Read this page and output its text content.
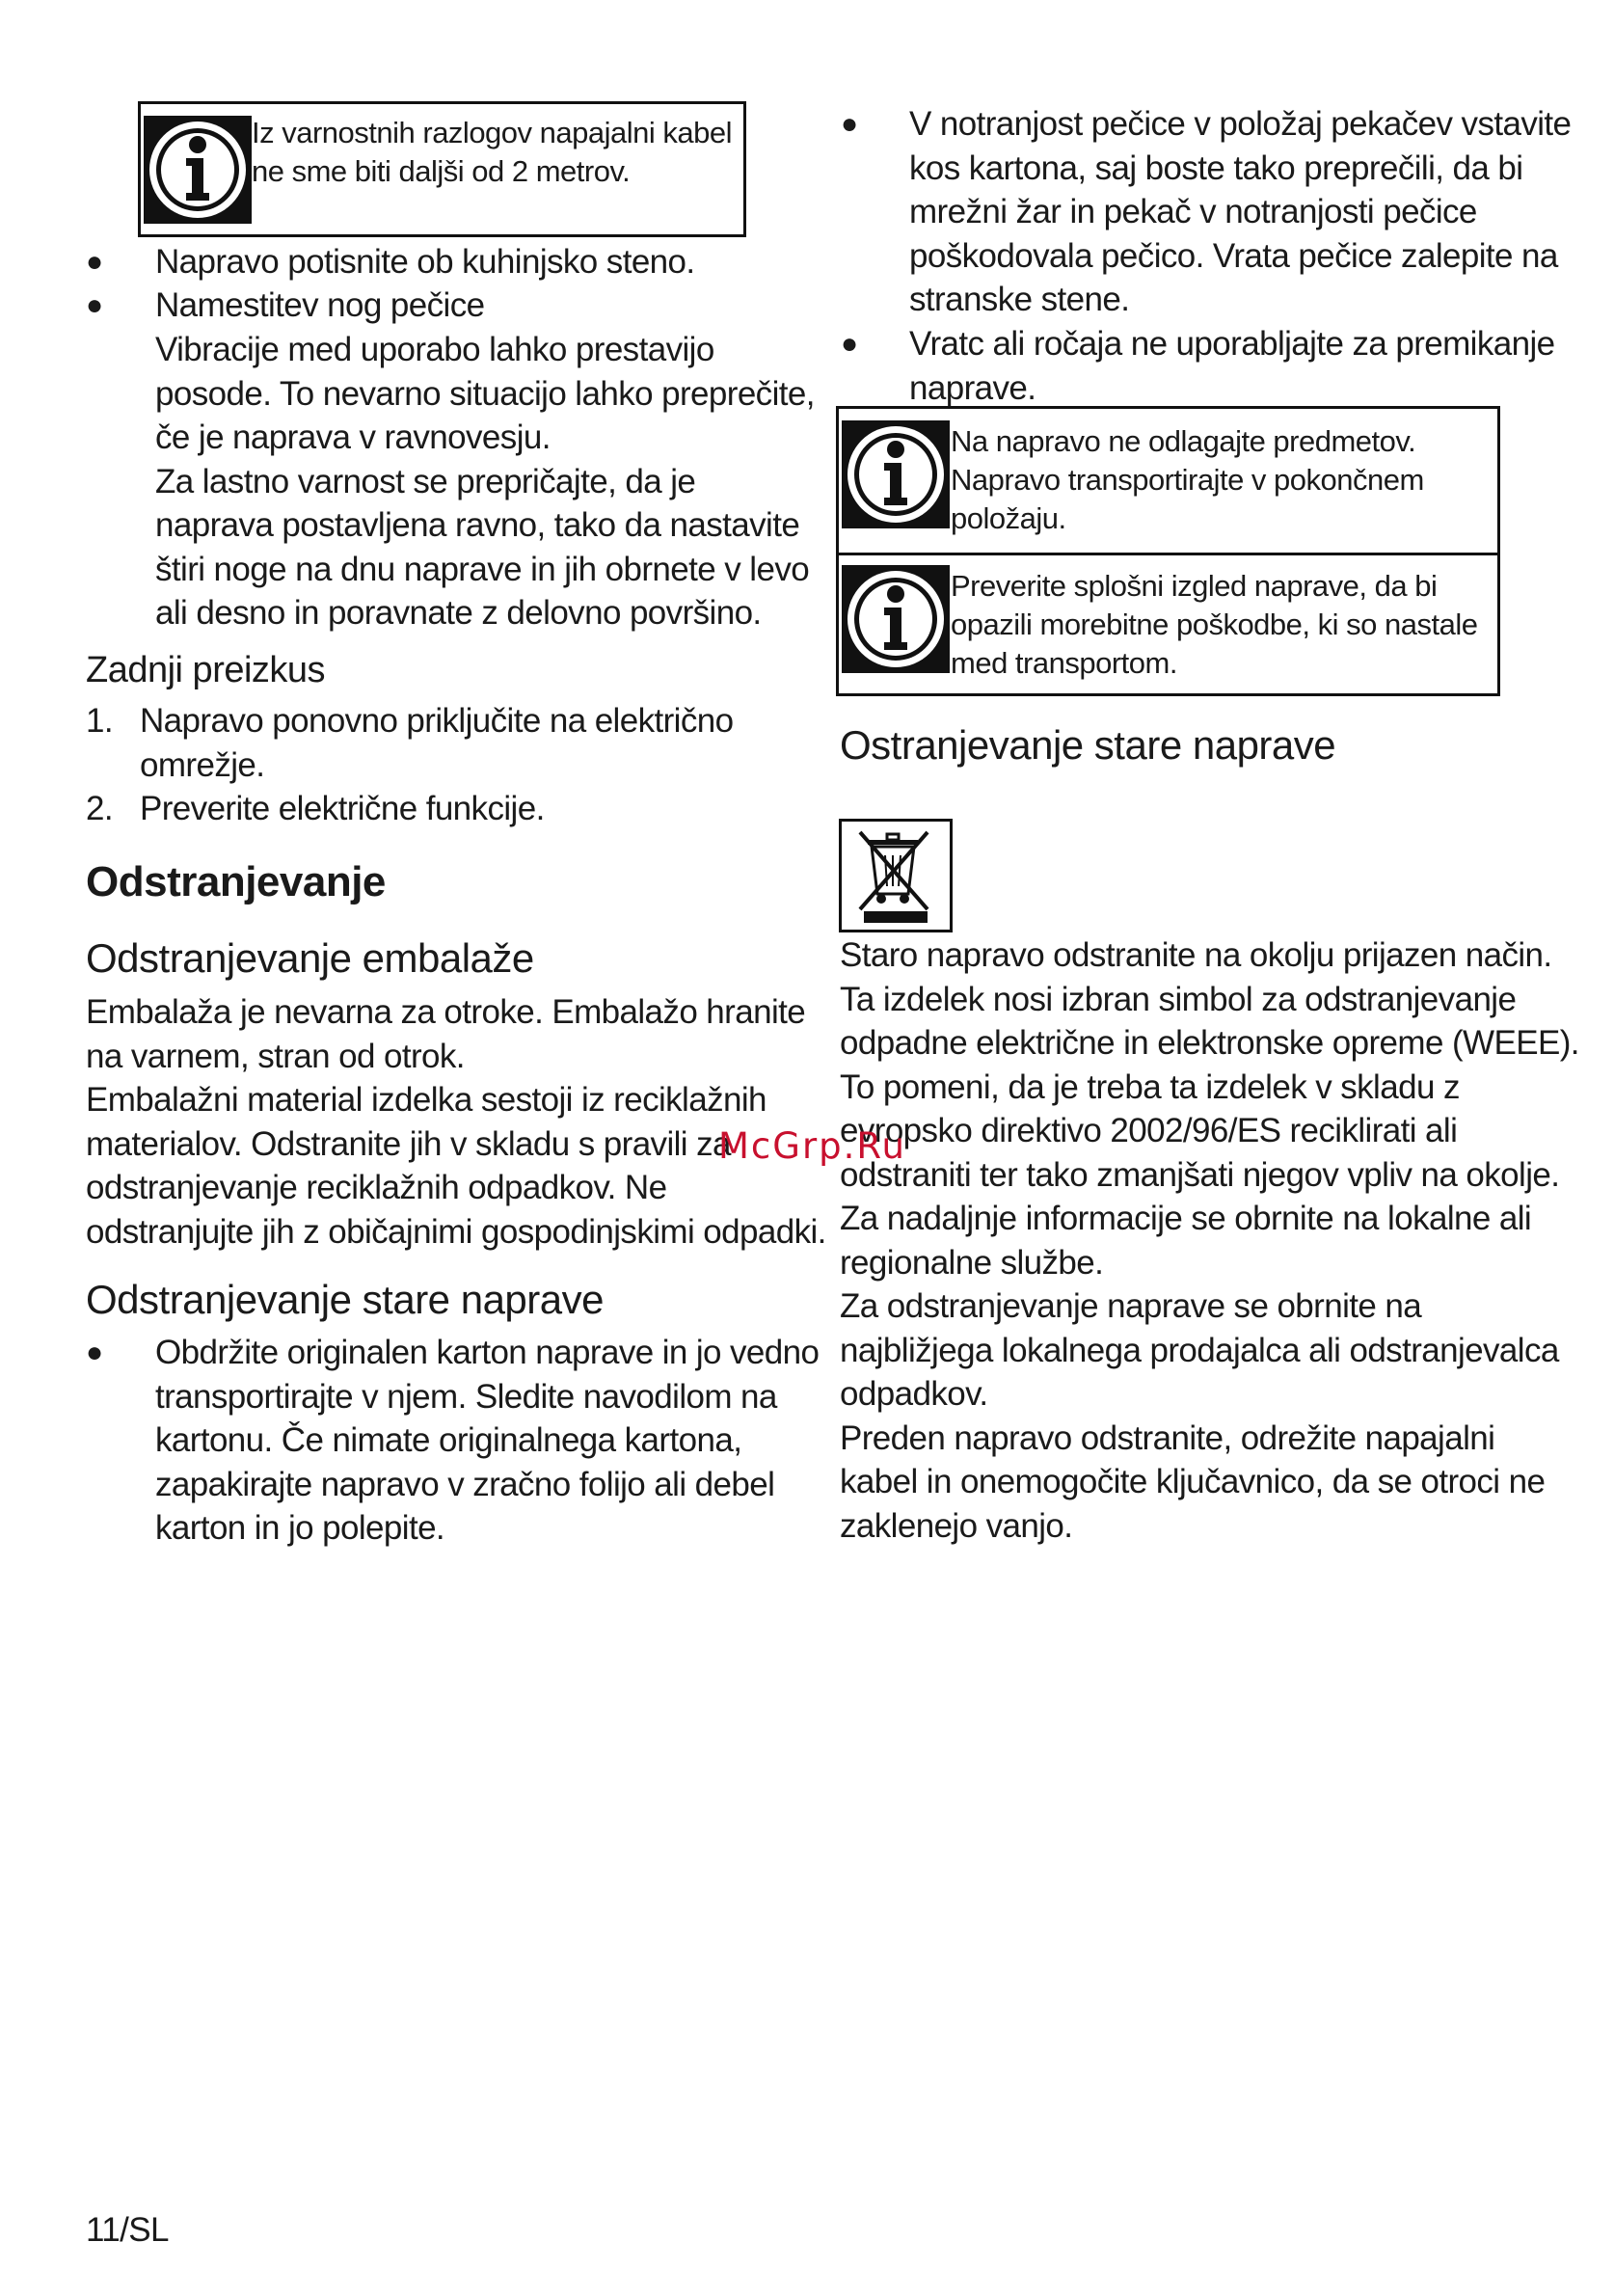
Iz varnostnih razlogov napajalni kabel
ne sme biti daljši od 2 metrov.
● Napravo potisnite ob kuhinjsko steno.
● Namestitev nog pečice
Vibracije med uporabo lahko prestavijo
posode. To nevarno situacijo lahko preprečite,
če je naprava v ravnovesju.
Za lastno varnost se prepričajte, da je
naprava postavljena ravno, tako da nastavite
štiri noge na dnu naprave in jih obrnete v levo
ali desno in poravnate z delovno površino.
Zadnji preizkus
1. Napravo ponovno priključite na električno
omrežje.
2. Preverite električne funkcije.
Odstranjevanje
Odstranjevanje embalaže
Embalaža je nevarna za otroke. Embalažo hranite
na varnem, stran od otrok.
Embalažni material izdelka sestoji iz reciklažnih
materialov. Odstranite jih v skladu s pravili za
odstranjevanje reciklažnih odpadkov. Ne
odstranjujte jih z običajnimi gospodinjskimi odpadki.
Odstranjevanje stare naprave
● Obdržite originalen karton naprave in jo vedno
transportirajte v njem. Sledite navodilom na
kartonu. Če nimate originalnega kartona,
zapakirajte napravo v zračno folijo ali debel
karton in jo polepite.
11/SL
● V notranjost pečice v položaj pekačev vstavite
kos kartona, saj boste tako preprečili, da bi
mrežni žar in pekač v notranjosti pečice
poškodovala pečico. Vrata pečice zalepite na
stranske stene.
● Vratc ali ročaja ne uporabljajte za premikanje
naprave.
Na napravo ne odlagajte predmetov.
Napravo transportirajte v pokončnem
položaju.
Preverite splošni izgled naprave, da bi
opazili morebitne poškodbe, ki so nastale
med transportom.
Ostranjevanje stare naprave
Staro napravo odstranite na okolju prijazen način.
Ta izdelek nosi izbran simbol za odstranjevanje
odpadne električne in elektronske opreme (WEEE).
To pomeni, da je treba ta izdelek v skladu z
evropsko direktivo 2002/96/ES reciklirati ali
odstraniti ter tako zmanjšati njegov vpliv na okolje.
Za nadaljnje informacije se obrnite na lokalne ali
regionalne službe.
Za odstranjevanje naprave se obrnite na
najbližjega lokalnega prodajalca ali odstranjevalca
odpadkov.
Preden napravo odstranite, odrežite napajalni
kabel in onemogočite ključavnico, da se otroci ne
zaklenejo vanjo.
McGrp.Ru
